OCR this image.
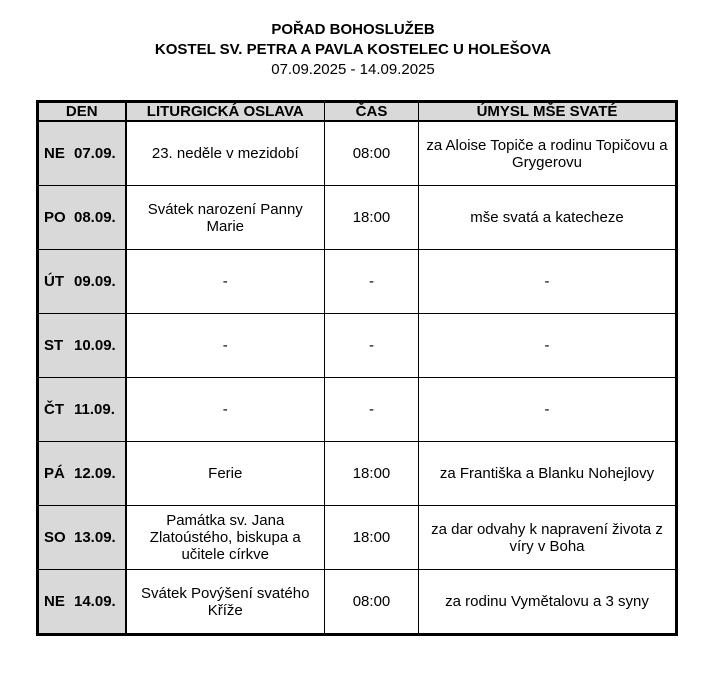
POŘAD BOHOSLUŽEB
KOSTEL SV. PETRA A PAVLA KOSTELEC U HOLEŠOVA
07.09.2025 - 14.09.2025
DEN	LITURGICKÁ OSLAVA	ČAS	ÚMYSL MŠE SVATÉ
NE 07.09.	23. neděle v mezidobí	08:00	za Aloise Topiče a rodinu Topičovu a Grygerovu
PO 08.09.	Svátek narození Panny Marie	18:00	mše svatá a katecheze
ÚT 09.09.	-	-	-
ST 10.09.	-	-	-
ČT 11.09.	-	-	-
PÁ 12.09.	Ferie	18:00	za Františka a Blanku Nohejlovy
SO 13.09.	Památka sv. Jana Zlatoústého, biskupa a učitele církve	18:00	za dar odvahy k napravení života z víry v Boha
NE 14.09.	Svátek Povýšení svatého Kříže	08:00	za rodinu Vymětalovu a 3 syny
